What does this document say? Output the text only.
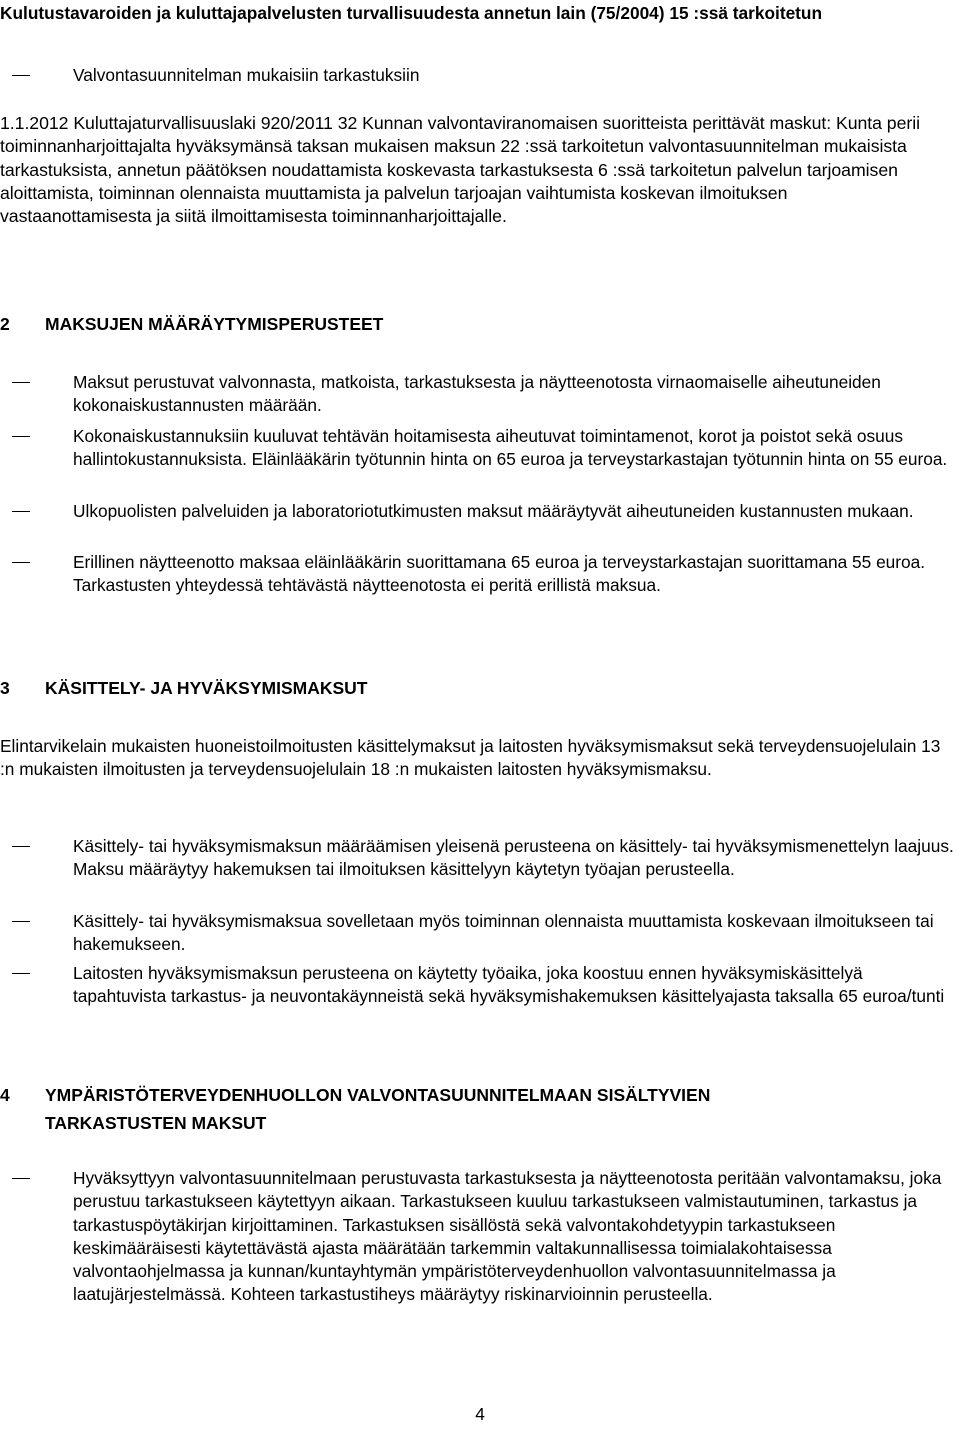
Kulutustavaroiden ja kuluttajapalvelusten turvallisuudesta annetun lain (75/2004) 15 :ssä tarkoitetun
Valvontasuunnitelman mukaisiin tarkastuksiin
1.1.2012 Kuluttajaturvallisuuslaki 920/2011 32 Kunnan valvontaviranomaisen suoritteista perittävät maskut: Kunta perii toiminnanharjoittajalta hyväksymänsä taksan mukaisen maksun 22 :ssä tarkoitetun valvontasuunnitelman mukaisista tarkastuksista, annetun päätöksen noudattamista koskevasta tarkastuksesta 6 :ssä tarkoitetun palvelun tarjoamisen aloittamista, toiminnan olennaista muuttamista ja palvelun tarjoajan vaihtumista koskevan ilmoituksen vastaanottamisesta ja siitä ilmoittamisesta toiminnanharjoittajalle.
2 MAKSUJEN MÄÄRÄYTYMISPERUSTEET
Maksut perustuvat valvonnasta, matkoista, tarkastuksesta ja näytteenotosta virnaomaiselle aiheutuneiden kokonaiskustannusten määrään.
Kokonaiskustannuksiin kuuluvat tehtävän hoitamisesta aiheutuvat toimintamenot, korot ja poistot sekä osuus hallintokustannuksista. Eläinlääkärin työtunnin hinta on 65 euroa ja terveystarkastajan työtunnin hinta on 55 euroa.
Ulkopuolisten palveluiden ja laboratoriotutkimusten maksut määräytyvät aiheutuneiden kustannusten mukaan.
Erillinen näytteenotto maksaa eläinlääkärin suorittamana 65 euroa ja terveystarkastajan suorittamana 55 euroa. Tarkastusten yhteydessä tehtävästä näytteenotosta ei peritä erillistä maksua.
3 KÄSITTELY- JA HYVÄKSYMISMAKSUT
Elintarvikelain mukaisten huoneistoilmoitusten käsittelymaksut ja laitosten hyväksymismaksut sekä terveydensuojelulain 13 :n mukaisten ilmoitusten ja terveydensuojelulain 18 :n mukaisten laitosten hyväksymismaksu.
Käsittely- tai hyväksymismaksun määräämisen yleisenä perusteena on käsittely- tai hyväksymismenettelyn laajuus. Maksu määräytyy hakemuksen tai ilmoituksen käsittelyyn käytetyn työajan perusteella.
Käsittely- tai hyväksymismaksua sovelletaan myös toiminnan olennaista muuttamista koskevaan ilmoitukseen tai hakemukseen.
Laitosten hyväksymismaksun perusteena on käytetty työaika, joka koostuu ennen hyväksymiskäsittelyä tapahtuvista tarkastus- ja neuvontakäynneistä sekä hyväksymishakemuksen käsittelyajasta taksalla 65 euroa/tunti
4 YMPÄRISTÖTERVEYDENHUOLLON VALVONTASUUNNITELMAAN SISÄLTYVIEN
TARKASTUSTEN MAKSUT
Hyväksyttyyn valvontasuunnitelmaan perustuvasta tarkastuksesta ja näytteenotosta peritään valvontamaksu, joka perustuu tarkastukseen käytettyyn aikaan. Tarkastukseen kuuluu tarkastukseen valmistautuminen, tarkastus ja tarkastuspöytäkirjan kirjoittaminen. Tarkastuksen sisällöstä sekä valvontakohdetyypin tarkastukseen keskimääräisesti käytettävästä ajasta määrätään tarkemmin valtakunnallisessa toimialakohtaisessa valvontaohjelmassa ja kunnan/kuntayhtymän ympäristöterveydenhuollon valvontasuunnitelmassa ja laatujärjestelmässä. Kohteen tarkastustiheys määräytyy riskinarvioinnin perusteella.
4
